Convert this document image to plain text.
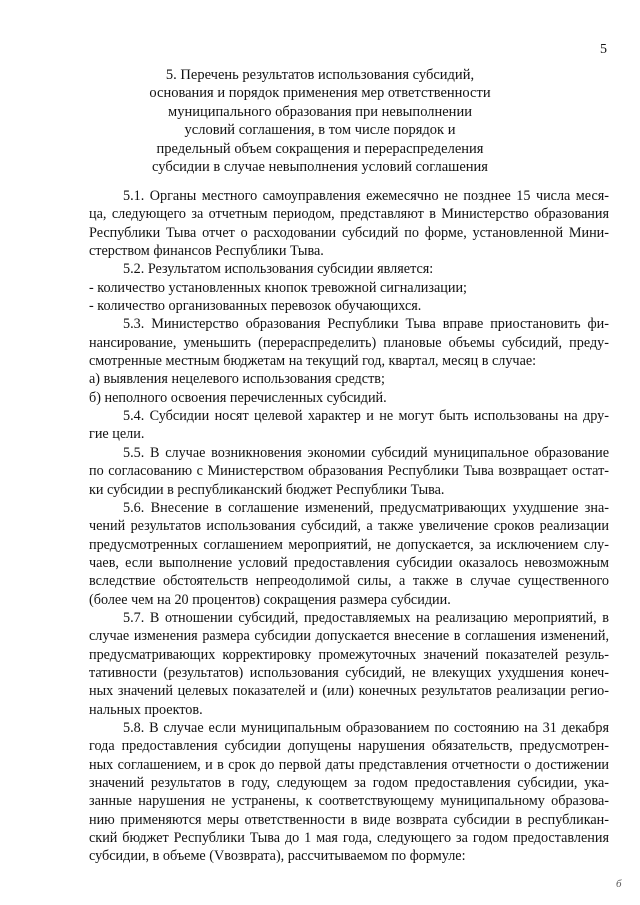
5
5. Перечень результатов использования субсидий,
основания и порядок применения мер ответственности
муниципального образования при невыполнении
условий соглашения, в том числе порядок и
предельный объем сокращения и перераспределения
субсидии в случае невыполнения условий соглашения
5.1. Органы местного самоуправления ежемесячно не позднее 15 числа меся-
ца, следующего за отчетным периодом, представляют в Министерство образования
Республики Тыва отчет о расходовании субсидий по форме, установленной Мини-
стерством финансов Республики Тыва.
5.2. Результатом использования субсидии является:
- количество установленных кнопок тревожной сигнализации;
- количество организованных перевозок обучающихся.
5.3. Министерство образования Республики Тыва вправе приостановить фи-
нансирование, уменьшить (перераспределить) плановые объемы субсидий, преду-
смотренные местным бюджетам на текущий год, квартал, месяц в случае:
а) выявления нецелевого использования средств;
б) неполного освоения перечисленных субсидий.
5.4. Субсидии носят целевой характер и не могут быть использованы на дру-
гие цели.
5.5. В случае возникновения экономии субсидий муниципальное образование
по согласованию с Министерством образования Республики Тыва возвращает остат-
ки субсидии в республиканский бюджет Республики Тыва.
5.6. Внесение в соглашение изменений, предусматривающих ухудшение зна-
чений результатов использования субсидий, а также увеличение сроков реализации
предусмотренных соглашением мероприятий, не допускается, за исключением слу-
чаев, если выполнение условий предоставления субсидии оказалось невозможным
вследствие обстоятельств непреодолимой силы, а также в случае существенного
(более чем на 20 процентов) сокращения размера субсидии.
5.7. В отношении субсидий, предоставляемых на реализацию мероприятий, в
случае изменения размера субсидии допускается внесение в соглашения изменений,
предусматривающих корректировку промежуточных значений показателей резуль-
тативности (результатов) использования субсидий, не влекущих ухудшения конеч-
ных значений целевых показателей и (или) конечных результатов реализации регио-
нальных проектов.
5.8. В случае если муниципальным образованием по состоянию на 31 декабря
года предоставления субсидии допущены нарушения обязательств, предусмотрен-
ных соглашением, и в срок до первой даты представления отчетности о достижении
значений результатов в году, следующем за годом предоставления субсидии, ука-
занные нарушения не устранены, к соответствующему муниципальному образова-
нию применяются меры ответственности в виде возврата субсидии в республикан-
ский бюджет Республики Тыва до 1 мая года, следующего за годом предоставления
субсидии, в объеме (Vвозврата), рассчитываемом по формуле:
б
